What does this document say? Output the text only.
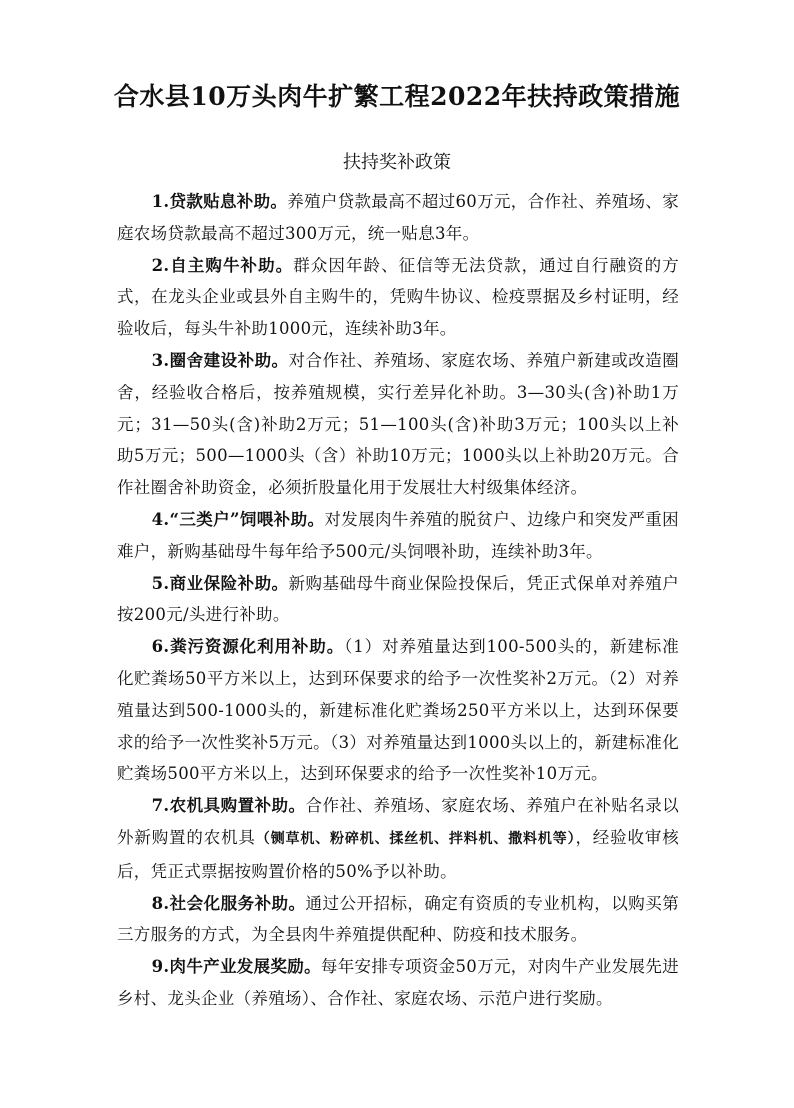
合水县10万头肉牛扩繁工程2022年扶持政策措施
扶持奖补政策

1.贷款贴息补助。养殖户贷款最高不超过60万元，合作社、养殖场、家庭农场贷款最高不超过300万元，统一贴息3年。

2.自主购牛补助。群众因年龄、征信等无法贷款，通过自行融资的方式，在龙头企业或县外自主购牛的，凭购牛协议、检疫票据及乡村证明，经验收后，每头牛补助1000元，连续补助3年。

3.圈舍建设补助。对合作社、养殖场、家庭农场、养殖户新建或改造圈舍，经验收合格后，按养殖规模，实行差异化补助。3—30头(含)补助1万元；31—50头(含)补助2万元；51—100头(含)补助3万元；100头以上补助5万元；500—1000头（含）补助10万元；1000头以上补助20万元。合作社圈舍补助资金，必须折股量化用于发展壮大村级集体经济。

4.“三类户”饲喂补助。对发展肉牛养殖的脱贫户、边缘户和突发严重困难户，新购基础母牛每年给予500元/头饲喂补助，连续补助3年。

5.商业保险补助。新购基础母牛商业保险投保后，凭正式保单对养殖户按200元/头进行补助。

6.粪污资源化利用补助。（1）对养殖量达到100-500头的，新建标准化贮粪场50平方米以上，达到环保要求的给予一次性奖补2万元。（2）对养殖量达到500-1000头的，新建标准化贮粪场250平方米以上，达到环保要求的给予一次性奖补5万元。（3）对养殖量达到1000头以上的，新建标准化贮粪场500平方米以上，达到环保要求的给予一次性奖补10万元。

7.农机具购置补助。合作社、养殖场、家庭农场、养殖户在补贴名录以外新购置的农机具（铡草机、粉碎机、揉丝机、拌料机、撒料机等），经验收审核后，凭正式票据按购置价格的50%予以补助。

8.社会化服务补助。通过公开招标，确定有资质的专业机构，以购买第三方服务的方式，为全县肉牛养殖提供配种、防疫和技术服务。

9.肉牛产业发展奖励。每年安排专项资金50万元，对肉牛产业发展先进乡村、龙头企业（养殖场）、合作社、家庭农场、示范户进行奖励。
